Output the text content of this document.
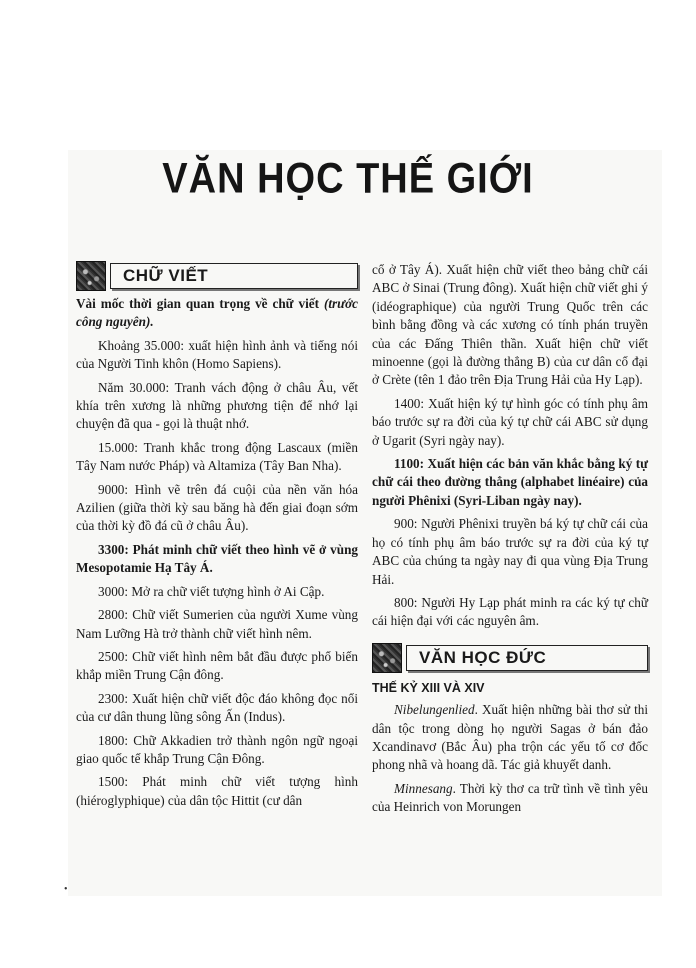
VĂN HỌC THẾ GIỚI
CHỮ VIẾT

Vài mốc thời gian quan trọng về chữ viết (trước công nguyên).

Khoảng 35.000: xuất hiện hình ảnh và tiếng nói của Người Tinh khôn (Homo Sapiens).

Năm 30.000: Tranh vách động ở châu Âu, vết khía trên xương là những phương tiện để nhớ lại chuyện đã qua - gọi là thuật nhớ.

15.000: Tranh khắc trong động Lascaux (miền Tây Nam nước Pháp) và Altamiza (Tây Ban Nha).

9000: Hình vẽ trên đá cuội của nền văn hóa Azilien (giữa thời kỳ sau băng hà đến giai đoạn sớm của thời kỳ đồ đá cũ ở châu Âu).

3300: Phát minh chữ viết theo hình vẽ ở vùng Mesopotamie Hạ Tây Á.

3000: Mở ra chữ viết tượng hình ở Ai Cập.

2800: Chữ viết Sumerien của người Xume vùng Nam Lưỡng Hà trở thành chữ viết hình nêm.

2500: Chữ viết hình nêm bắt đầu được phổ biến khắp miền Trung Cận đông.

2300: Xuất hiện chữ viết độc đáo không đọc nổi của cư dân thung lũng sông Ấn (Indus).

1800: Chữ Akkadien trở thành ngôn ngữ ngoại giao quốc tế khắp Trung Cận Đông.

1500: Phát minh chữ viết tượng hình (hiéroglyphique) của dân tộc Hittit (cư dân

cổ ở Tây Á). Xuất hiện chữ viết theo bảng chữ cái ABC ở Sinai (Trung đông). Xuất hiện chữ viết ghi ý (idéographique) của người Trung Quốc trên các bình bằng đồng và các xương có tính phán truyền của các Đấng Thiên thần. Xuất hiện chữ viết minoenne (gọi là đường thẳng B) của cư dân cổ đại ở Crète (tên 1 đảo trên Địa Trung Hải của Hy Lạp).

1400: Xuất hiện ký tự hình góc có tính phụ âm báo trước sự ra đời của ký tự chữ cái ABC sử dụng ở Ugarit (Syri ngày nay).

1100: Xuất hiện các bản văn khắc bằng ký tự chữ cái theo đường thẳng (alphabet linéaire) của người Phênixi (Syri-Liban ngày nay).

900: Người Phênixi truyền bá ký tự chữ cái của họ có tính phụ âm báo trước sự ra đời của ký tự ABC của chúng ta ngày nay đi qua vùng Địa Trung Hải.

800: Người Hy Lạp phát minh ra các ký tự chữ cái hiện đại với các nguyên âm.

VĂN HỌC ĐỨC
THẾ KỶ XIII VÀ XIV

Nibelungenlied. Xuất hiện những bài thơ sử thi dân tộc trong dòng họ người Sagas ở bán đảo Xcandinavơ (Bắc Âu) pha trộn các yếu tố cơ đốc phong nhã và hoang dã. Tác giả khuyết danh.

Minnesang. Thời kỳ thơ ca trữ tình về tình yêu của Heinrich von Morungen

•
